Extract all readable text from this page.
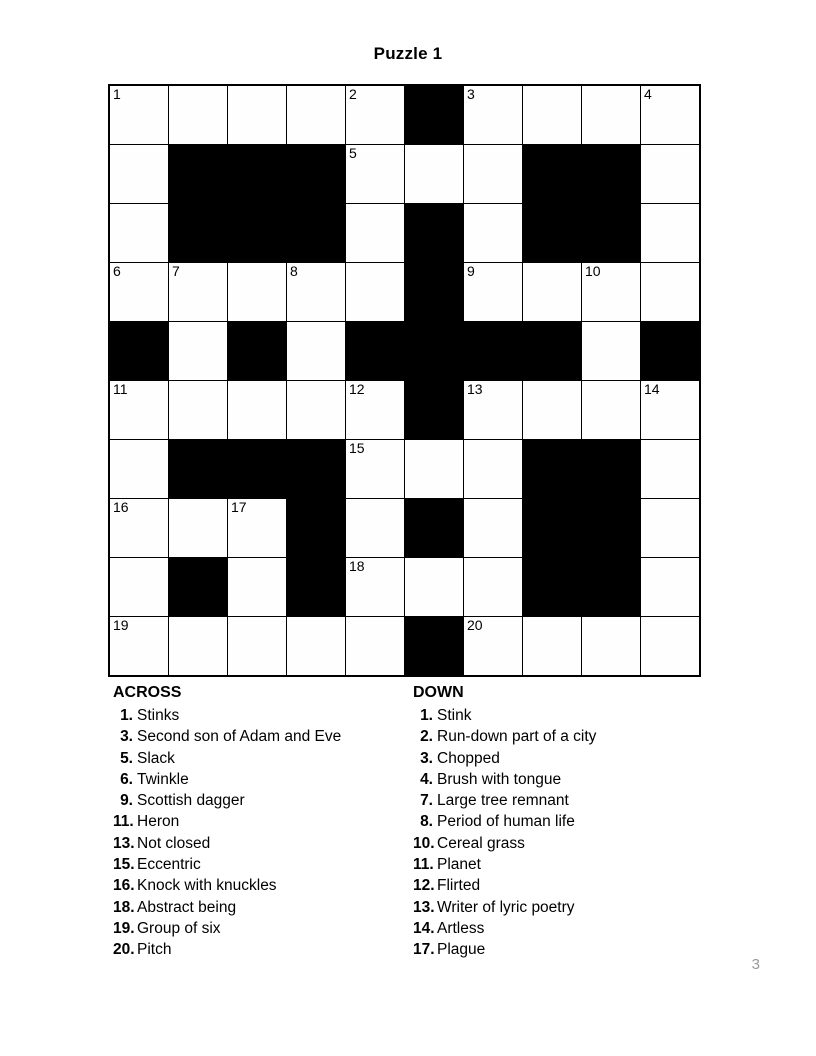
Puzzle 1
1				2		3			4

				5					

6	7		8			9		10	

11				12		13			14

				15					

16		17							

				18					

19						20			

ACROSS
1. Stinks
3. Second son of Adam and Eve
5. Slack
6. Twinkle
9. Scottish dagger
11. Heron
13. Not closed
15. Eccentric
16. Knock with knuckles
18. Abstract being
19. Group of six
20. Pitch
DOWN
1. Stink
2. Run-down part of a city
3. Chopped
4. Brush with tongue
7. Large tree remnant
8. Period of human life
10. Cereal grass
11. Planet
12. Flirted
13. Writer of lyric poetry
14. Artless
17. Plague
3
